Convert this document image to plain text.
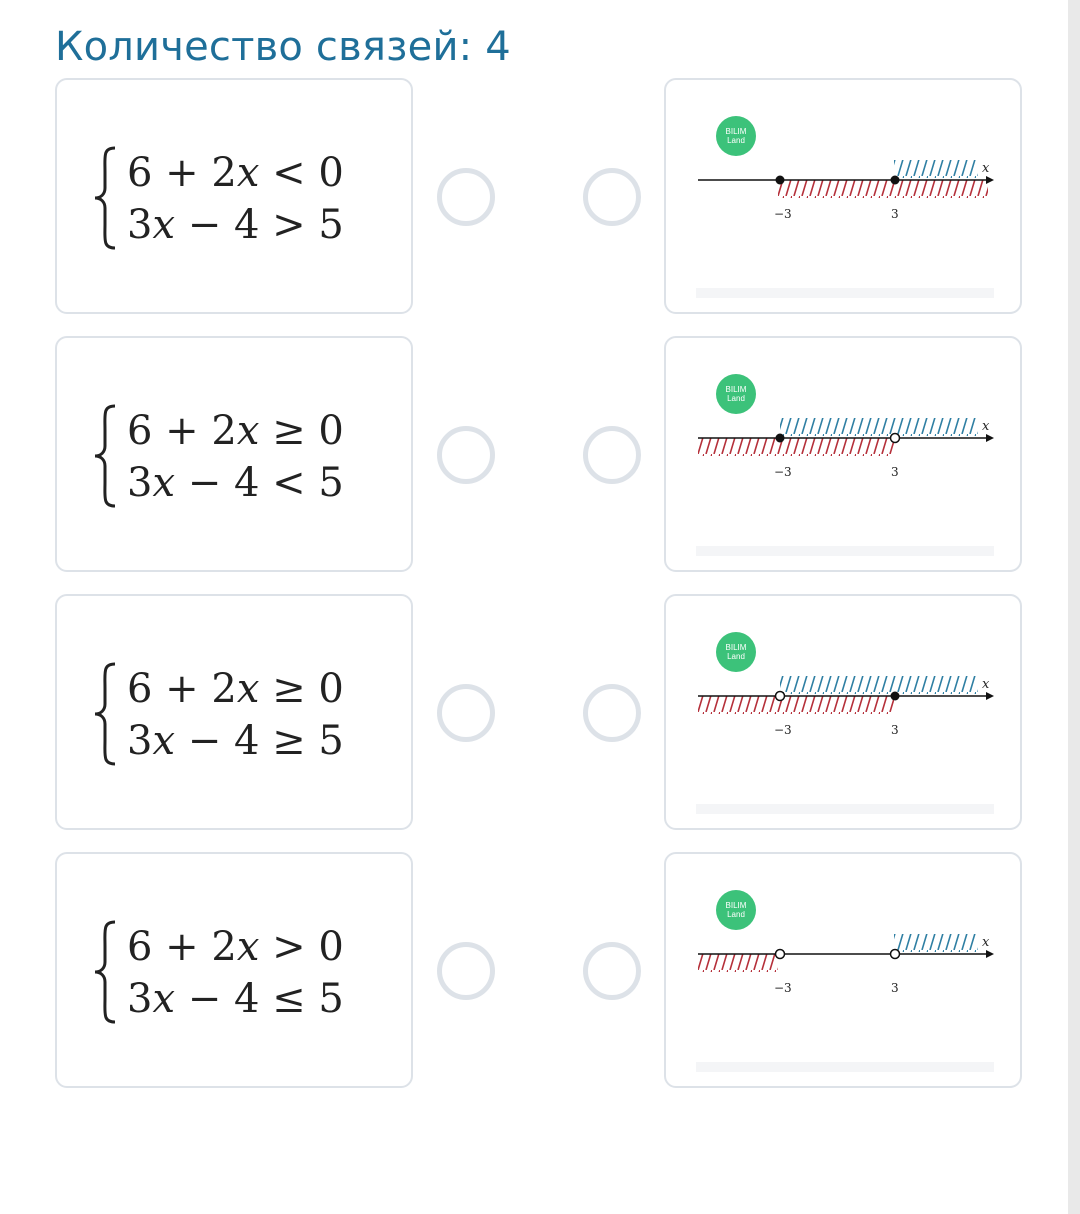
Количество связей: 4
6 + 2x < 0
3x − 4 > 5
6 + 2x ≥ 0
3x − 4 < 5
6 + 2x ≥ 0
3x − 4 ≥ 5
6 + 2x > 0
3x − 4 ≤ 5
BILIM
Land
−3	3
x
BILIM
Land
−3	3
x
BILIM
Land
−3	3
x
BILIM
Land
−3	3
x
